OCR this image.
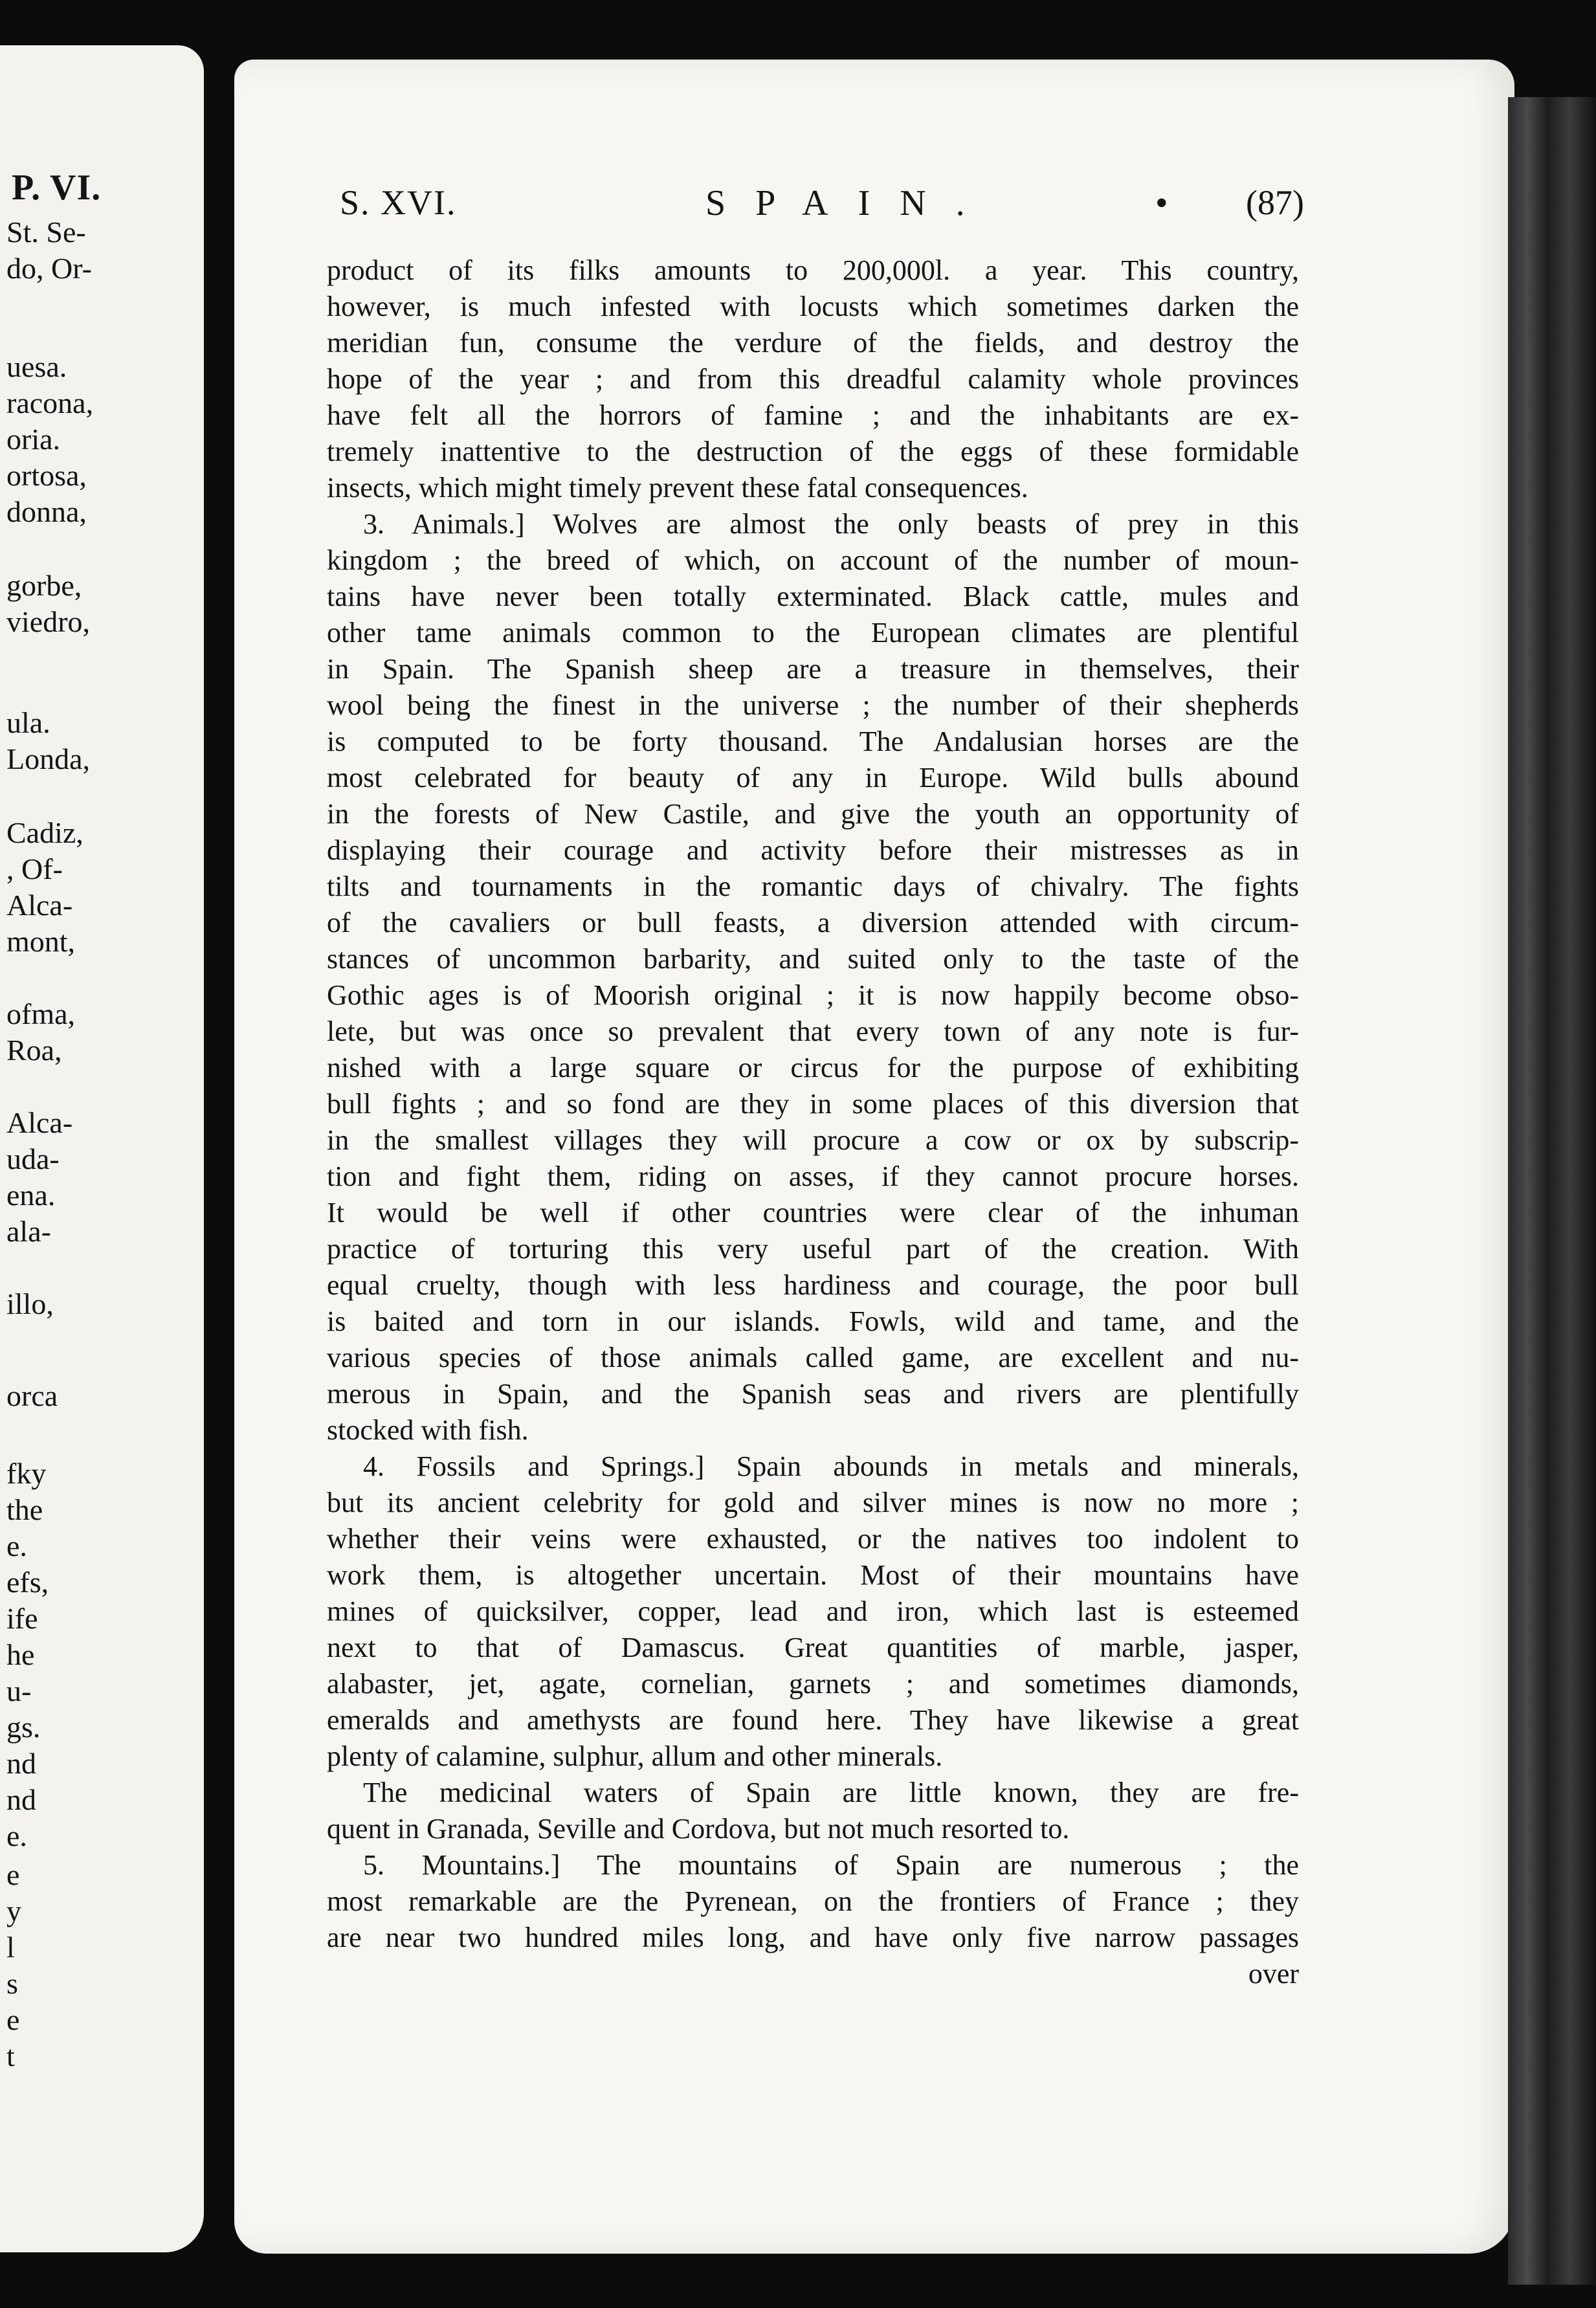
P. VI.

St. Se-

do, Or-

uesa.

racona,

oria.

ortosa,

donna,

gorbe,

viedro,

ula.

Londa,

Cadiz,

, Of-

Alca-

mont,

ofma,

Roa,

Alca-

uda-

ena.

ala-

illo,

orca

fky

the

e.

efs,

ife

he

u-

gs.

nd

nd

e.

e

y

l

s

e

t

S. XVI.	SPAIN.	• (87)

product of its filks amounts to 200,000l. a year. This country,

however, is much infested with locusts which sometimes darken the

meridian fun, consume the verdure of the fields, and destroy the

hope of the year ; and from this dreadful calamity whole provinces

have felt all the horrors of famine ; and the inhabitants are ex-

tremely inattentive to the destruction of the eggs of these formidable

insects, which might timely prevent these fatal consequences.

3. Animals.] Wolves are almost the only beasts of prey in this

kingdom ; the breed of which, on account of the number of moun-

tains have never been totally exterminated. Black cattle, mules and

other tame animals common to the European climates are plentiful

in Spain. The Spanish sheep are a treasure in themselves, their

wool being the finest in the universe ; the number of their shepherds

is computed to be forty thousand. The Andalusian horses are the

most celebrated for beauty of any in Europe. Wild bulls abound

in the forests of New Castile, and give the youth an opportunity of

displaying their courage and activity before their mistresses as in

tilts and tournaments in the romantic days of chivalry. The fights

of the cavaliers or bull feasts, a diversion attended with circum-

stances of uncommon barbarity, and suited only to the taste of the

Gothic ages is of Moorish original ; it is now happily become obso-

lete, but was once so prevalent that every town of any note is fur-

nished with a large square or circus for the purpose of exhibiting

bull fights ; and so fond are they in some places of this diversion that

in the smallest villages they will procure a cow or ox by subscrip-

tion and fight them, riding on asses, if they cannot procure horses.

It would be well if other countries were clear of the inhuman

practice of torturing this very useful part of the creation. With

equal cruelty, though with less hardiness and courage, the poor bull

is baited and torn in our islands. Fowls, wild and tame, and the

various species of those animals called game, are excellent and nu-

merous in Spain, and the Spanish seas and rivers are plentifully

stocked with fish.

4. Fossils and Springs.] Spain abounds in metals and minerals,

but its ancient celebrity for gold and silver mines is now no more ;

whether their veins were exhausted, or the natives too indolent to

work them, is altogether uncertain. Most of their mountains have

mines of quicksilver, copper, lead and iron, which last is esteemed

next to that of Damascus. Great quantities of marble, jasper,

alabaster, jet, agate, cornelian, garnets ; and sometimes diamonds,

emeralds and amethysts are found here. They have likewise a great

plenty of calamine, sulphur, allum and other minerals.

The medicinal waters of Spain are little known, they are fre-

quent in Granada, Seville and Cordova, but not much resorted to.

5. Mountains.] The mountains of Spain are numerous ; the

most remarkable are the Pyrenean, on the frontiers of France ; they

are near two hundred miles long, and have only five narrow passages

over
